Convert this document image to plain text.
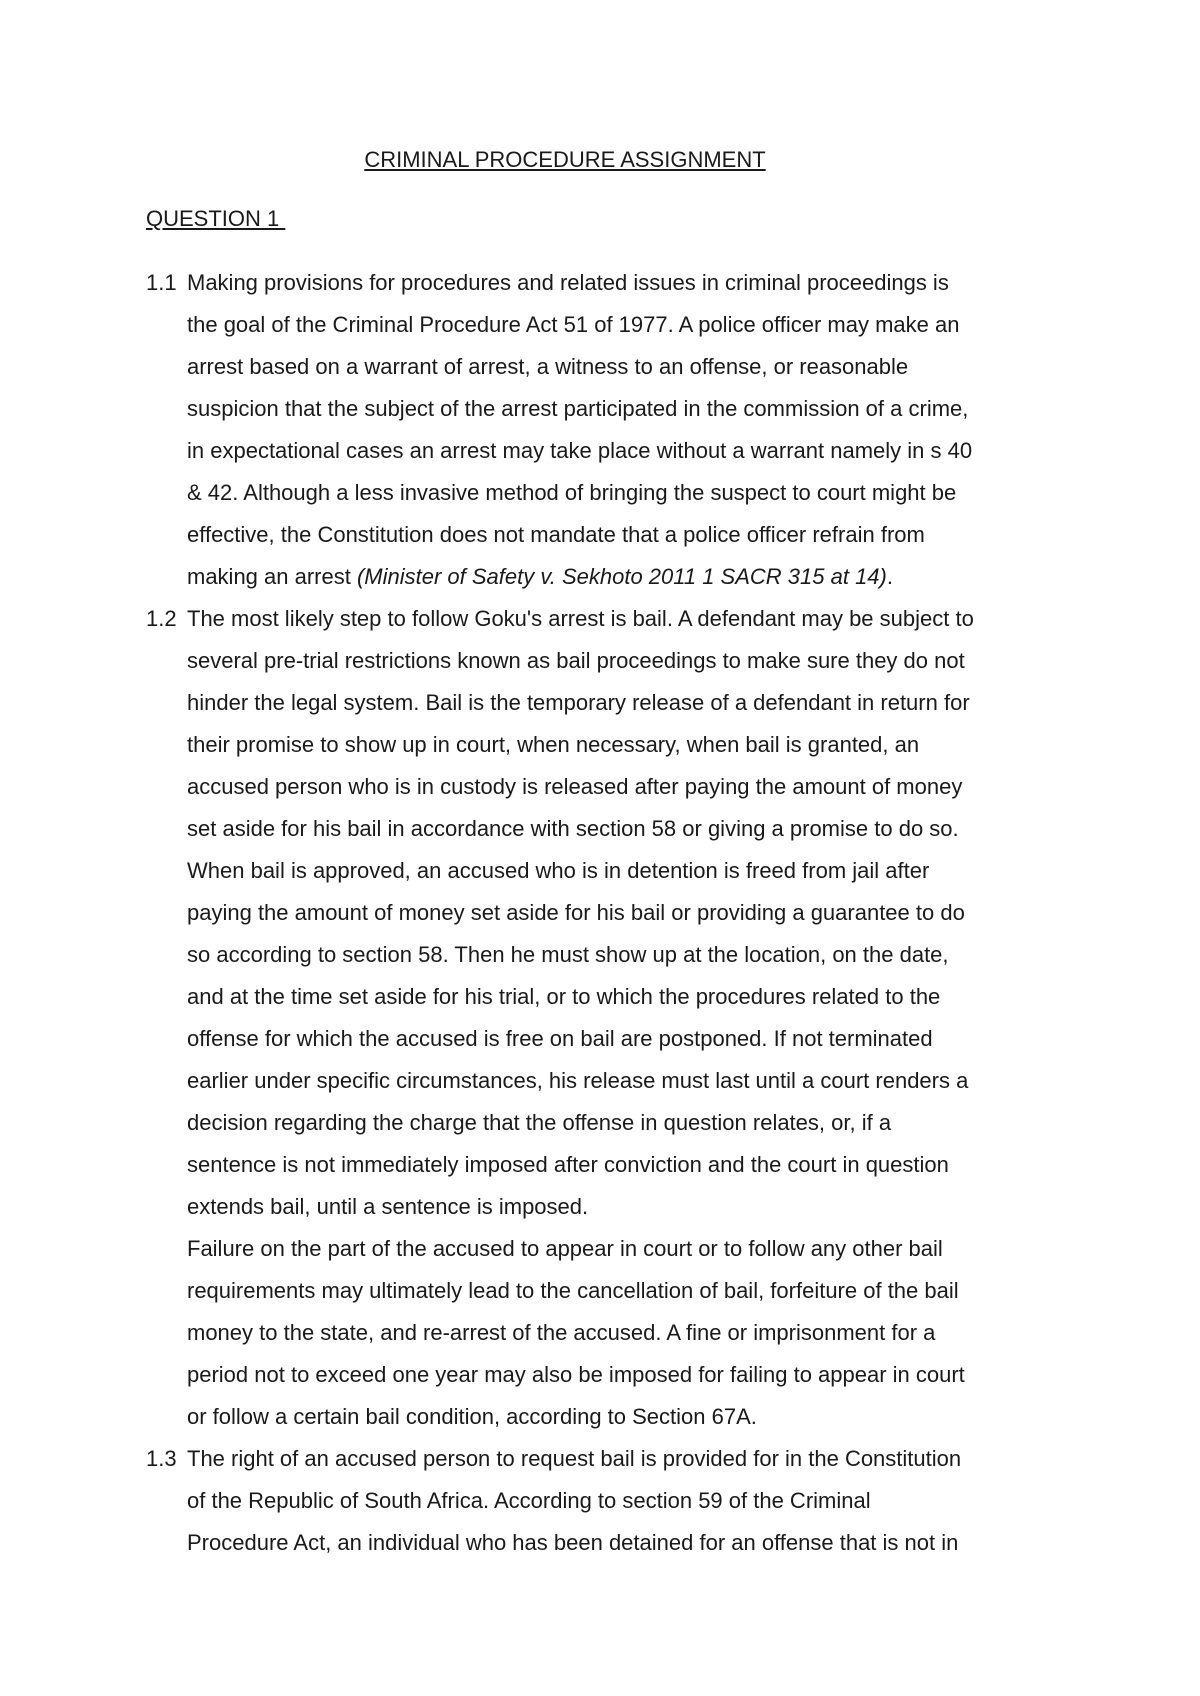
CRIMINAL PROCEDURE ASSIGNMENT
QUESTION 1
1.1 Making provisions for procedures and related issues in criminal proceedings is
the goal of the Criminal Procedure Act 51 of 1977. A police officer may make an
arrest based on a warrant of arrest, a witness to an offense, or reasonable
suspicion that the subject of the arrest participated in the commission of a crime,
in expectational cases an arrest may take place without a warrant namely in s 40
& 42. Although a less invasive method of bringing the suspect to court might be
effective, the Constitution does not mandate that a police officer refrain from
making an arrest (Minister of Safety v. Sekhoto 2011 1 SACR 315 at 14).
1.2 The most likely step to follow Goku's arrest is bail. A defendant may be subject to
several pre-trial restrictions known as bail proceedings to make sure they do not
hinder the legal system. Bail is the temporary release of a defendant in return for
their promise to show up in court, when necessary, when bail is granted, an
accused person who is in custody is released after paying the amount of money
set aside for his bail in accordance with section 58 or giving a promise to do so.
When bail is approved, an accused who is in detention is freed from jail after
paying the amount of money set aside for his bail or providing a guarantee to do
so according to section 58. Then he must show up at the location, on the date,
and at the time set aside for his trial, or to which the procedures related to the
offense for which the accused is free on bail are postponed. If not terminated
earlier under specific circumstances, his release must last until a court renders a
decision regarding the charge that the offense in question relates, or, if a
sentence is not immediately imposed after conviction and the court in question
extends bail, until a sentence is imposed.
Failure on the part of the accused to appear in court or to follow any other bail
requirements may ultimately lead to the cancellation of bail, forfeiture of the bail
money to the state, and re-arrest of the accused. A fine or imprisonment for a
period not to exceed one year may also be imposed for failing to appear in court
or follow a certain bail condition, according to Section 67A.
1.3 The right of an accused person to request bail is provided for in the Constitution
of the Republic of South Africa. According to section 59 of the Criminal
Procedure Act, an individual who has been detained for an offense that is not in
